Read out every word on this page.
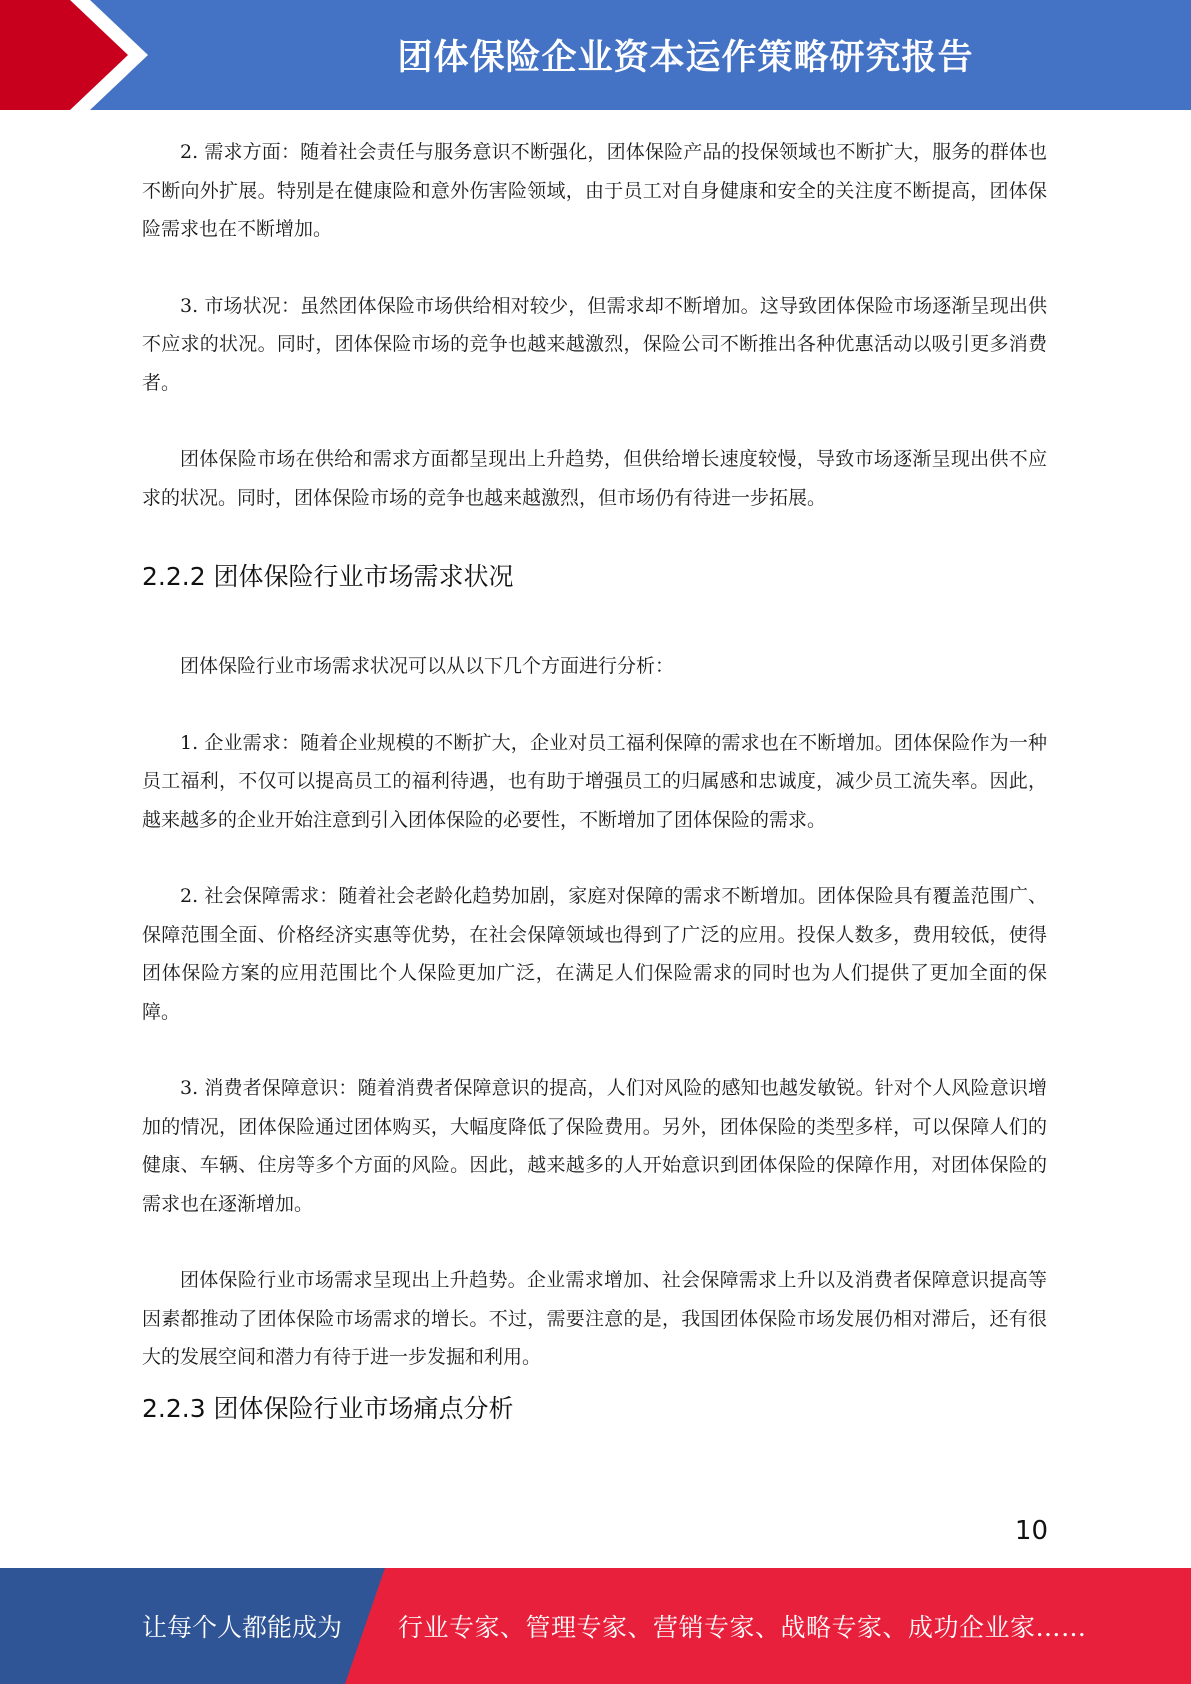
团体保险企业资本运作策略研究报告

2. 需求方面：随着社会责任与服务意识不断强化，团体保险产品的投保领域也不断扩大，服务的群体也不断向外扩展。特别是在健康险和意外伤害险领域，由于员工对自身健康和安全的关注度不断提高，团体保险需求也在不断增加。

3. 市场状况：虽然团体保险市场供给相对较少，但需求却不断增加。这导致团体保险市场逐渐呈现出供不应求的状况。同时，团体保险市场的竞争也越来越激烈，保险公司不断推出各种优惠活动以吸引更多消费者。

团体保险市场在供给和需求方面都呈现出上升趋势，但供给增长速度较慢，导致市场逐渐呈现出供不应求的状况。同时，团体保险市场的竞争也越来越激烈，但市场仍有待进一步拓展。

2.2.2 团体保险行业市场需求状况

团体保险行业市场需求状况可以从以下几个方面进行分析：

1. 企业需求：随着企业规模的不断扩大，企业对员工福利保障的需求也在不断增加。团体保险作为一种员工福利，不仅可以提高员工的福利待遇，也有助于增强员工的归属感和忠诚度，减少员工流失率。因此，越来越多的企业开始注意到引入团体保险的必要性，不断增加了团体保险的需求。

2. 社会保障需求：随着社会老龄化趋势加剧，家庭对保障的需求不断增加。团体保险具有覆盖范围广、保障范围全面、价格经济实惠等优势，在社会保障领域也得到了广泛的应用。投保人数多，费用较低，使得团体保险方案的应用范围比个人保险更加广泛，在满足人们保险需求的同时也为人们提供了更加全面的保障。

3. 消费者保障意识：随着消费者保障意识的提高，人们对风险的感知也越发敏锐。针对个人风险意识增加的情况，团体保险通过团体购买，大幅度降低了保险费用。另外，团体保险的类型多样，可以保障人们的健康、车辆、住房等多个方面的风险。因此，越来越多的人开始意识到团体保险的保障作用，对团体保险的需求也在逐渐增加。

团体保险行业市场需求呈现出上升趋势。企业需求增加、社会保障需求上升以及消费者保障意识提高等因素都推动了团体保险市场需求的增长。不过，需要注意的是，我国团体保险市场发展仍相对滞后，还有很大的发展空间和潜力有待于进一步发掘和利用。

2.2.3 团体保险行业市场痛点分析
10
让每个人都能成为 行业专家、管理专家、营销专家、战略专家、成功企业家……
